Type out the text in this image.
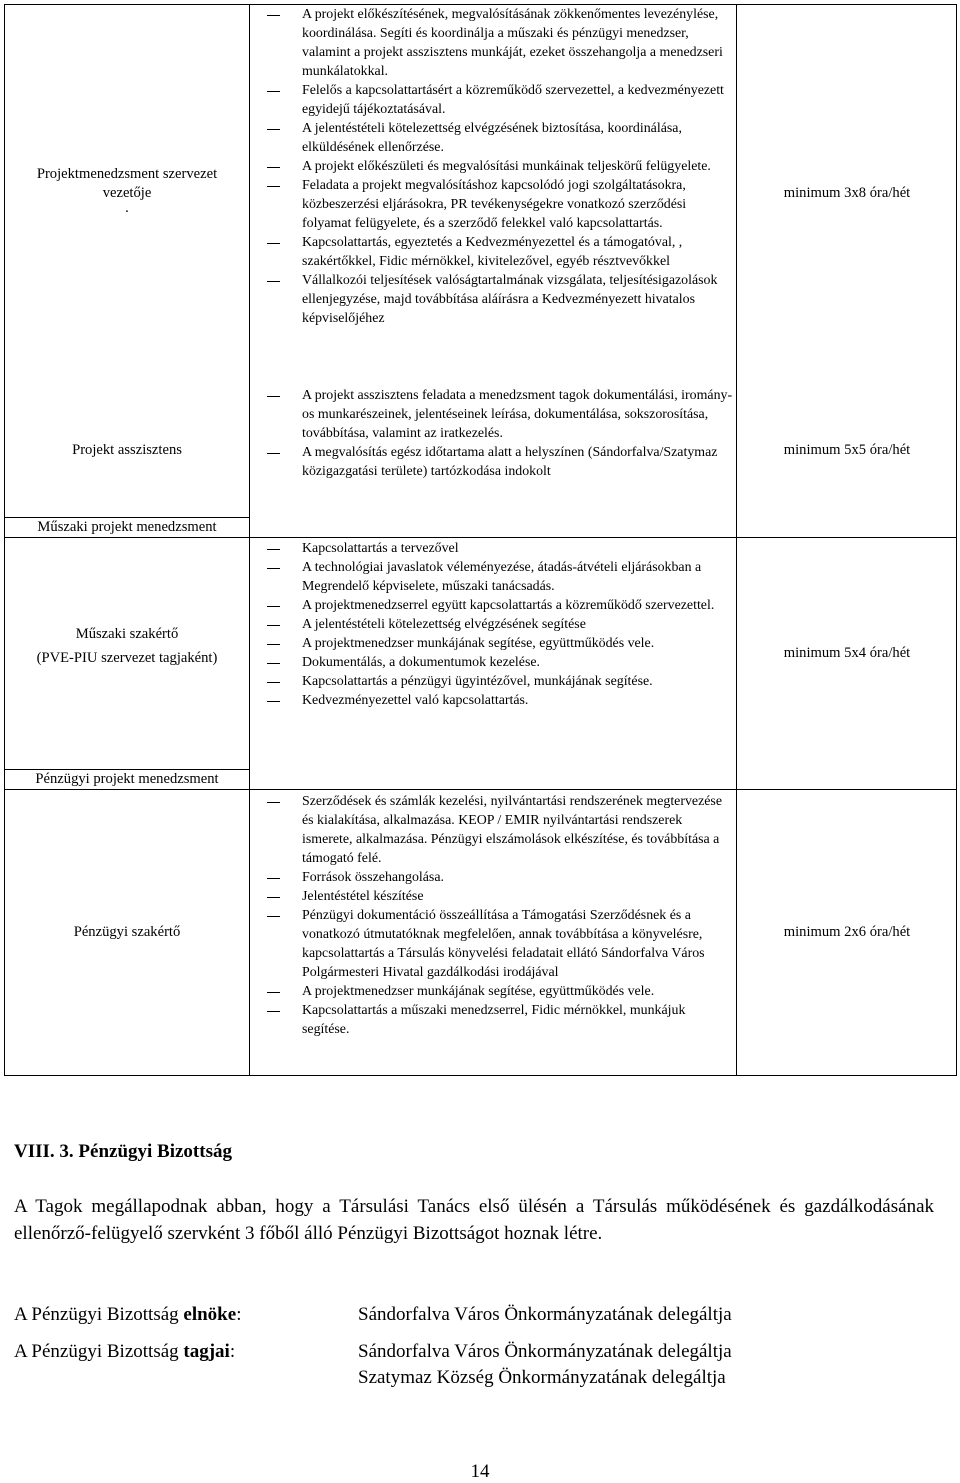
Projektmenedzsment szervezet
vezetője
.
A projekt előkészítésének, megvalósításának zökkenőmentes levezénylése, koordinálása. Segíti és koordinálja a műszaki és pénzügyi menedzser, valamint a projekt asszisztens munkáját, ezeket összehangolja a menedzseri munkálatokkal.
Felelős a kapcsolattartásért a közreműködő szervezettel, a kedvezményezett egyidejű tájékoztatásával.
A jelentéstételi kötelezettség elvégzésének biztosítása, koordinálása, elküldésének ellenőrzése.
A projekt előkészületi és megvalósítási munkáinak teljeskörű felügyelete.
Feladata a projekt megvalósításhoz kapcsolódó jogi szolgáltatásokra, közbeszerzési eljárásokra, PR tevékenységekre vonatkozó szerződési folyamat felügyelete, és a szerződő felekkel való kapcsolattartás.
Kapcsolattartás, egyeztetés a Kedvezményezettel és a támogatóval, , szakértőkkel, Fidic mérnökkel, kivitelezővel, egyéb résztvevőkkel
Vállalkozói teljesítések valóságtartalmának vizsgálata, teljesítésigazolások ellenjegyzése, majd továbbítása aláírásra a Kedvezményezett hivatalos képviselőjéhez
minimum 3x8 óra/hét
Projekt asszisztens
A projekt asszisztens feladata a menedzsment tagok dokumentálási, irományos munkarészeinek, jelentéseinek leírása, dokumentálása, sokszorosítása, továbbítása, valamint az iratkezelés.
A megvalósítás egész időtartama alatt a helyszínen (Sándorfalva/Szatymaz közigazgatási területe) tartózkodása indokolt
minimum 5x5 óra/hét
Műszaki projekt menedzsment
Műszaki szakértő
(PVE-PIU szervezet tagjaként)
Kapcsolattartás a tervezővel
A technológiai javaslatok véleményezése, átadás-átvételi eljárásokban a Megrendelő képviselete, műszaki tanácsadás.
A projektmenedzserrel együtt kapcsolattartás a közreműködő szervezettel.
A jelentéstételi kötelezettség elvégzésének segítése
A projektmenedzser munkájának segítése, együttműködés vele.
Dokumentálás, a dokumentumok kezelése.
Kapcsolattartás a pénzügyi ügyintézővel, munkájának segítése.
Kedvezményezettel való kapcsolattartás.
minimum 5x4 óra/hét
Pénzügyi projekt menedzsment
Pénzügyi szakértő
Szerződések és számlák kezelési, nyilvántartási rendszerének megtervezése és kialakítása, alkalmazása. KEOP / EMIR nyilvántartási rendszerek ismerete, alkalmazása. Pénzügyi elszámolások elkészítése, és továbbítása a támogató felé.
Források összehangolása.
Jelentéstétel készítése
Pénzügyi dokumentáció összeállítása a Támogatási Szerződésnek és a vonatkozó útmutatóknak megfelelően, annak továbbítása a könyvelésre, kapcsolattartás a Társulás könyvelési feladatait ellátó Sándorfalva Város Polgármesteri Hivatal gazdálkodási irodájával
A projektmenedzser munkájának segítése, együttműködés vele.
Kapcsolattartás a műszaki menedzserrel, Fidic mérnökkel, munkájuk segítése.
minimum 2x6 óra/hét
VIII. 3. Pénzügyi Bizottság
A Tagok megállapodnak abban, hogy a Társulási Tanács első ülésén a Társulás működésének és gazdálkodásának ellenőrző-felügyelő szervként 3 főből álló Pénzügyi Bizottságot hoznak létre.
A Pénzügyi Bizottság elnöke:	Sándorfalva Város Önkormányzatának delegáltja
A Pénzügyi Bizottság tagjai:	Sándorfalva Város Önkormányzatának delegáltja
Szatymaz Község Önkormányzatának delegáltja
14
